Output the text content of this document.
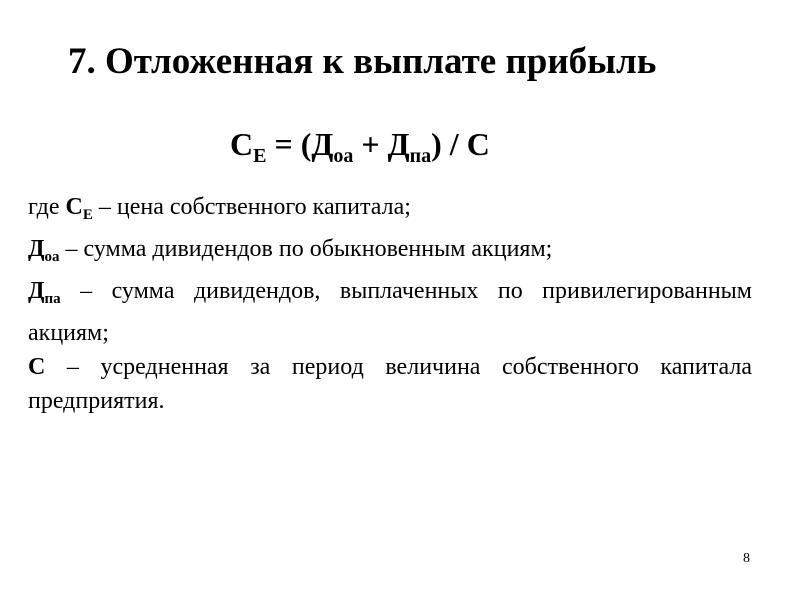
7. Отложенная к выплате прибыль
$С_Е = (Д_{оа} + Д_{па}) / С$

где $С_Е$ – цена собственного капитала;

$Д_{оа}$ – сумма дивидендов по обыкновенным акциям;

$Д_{па}$ – сумма дивидендов, выплаченных по привилегированным акциям;

С – усредненная за период величина собственного капитала предприятия.

8
